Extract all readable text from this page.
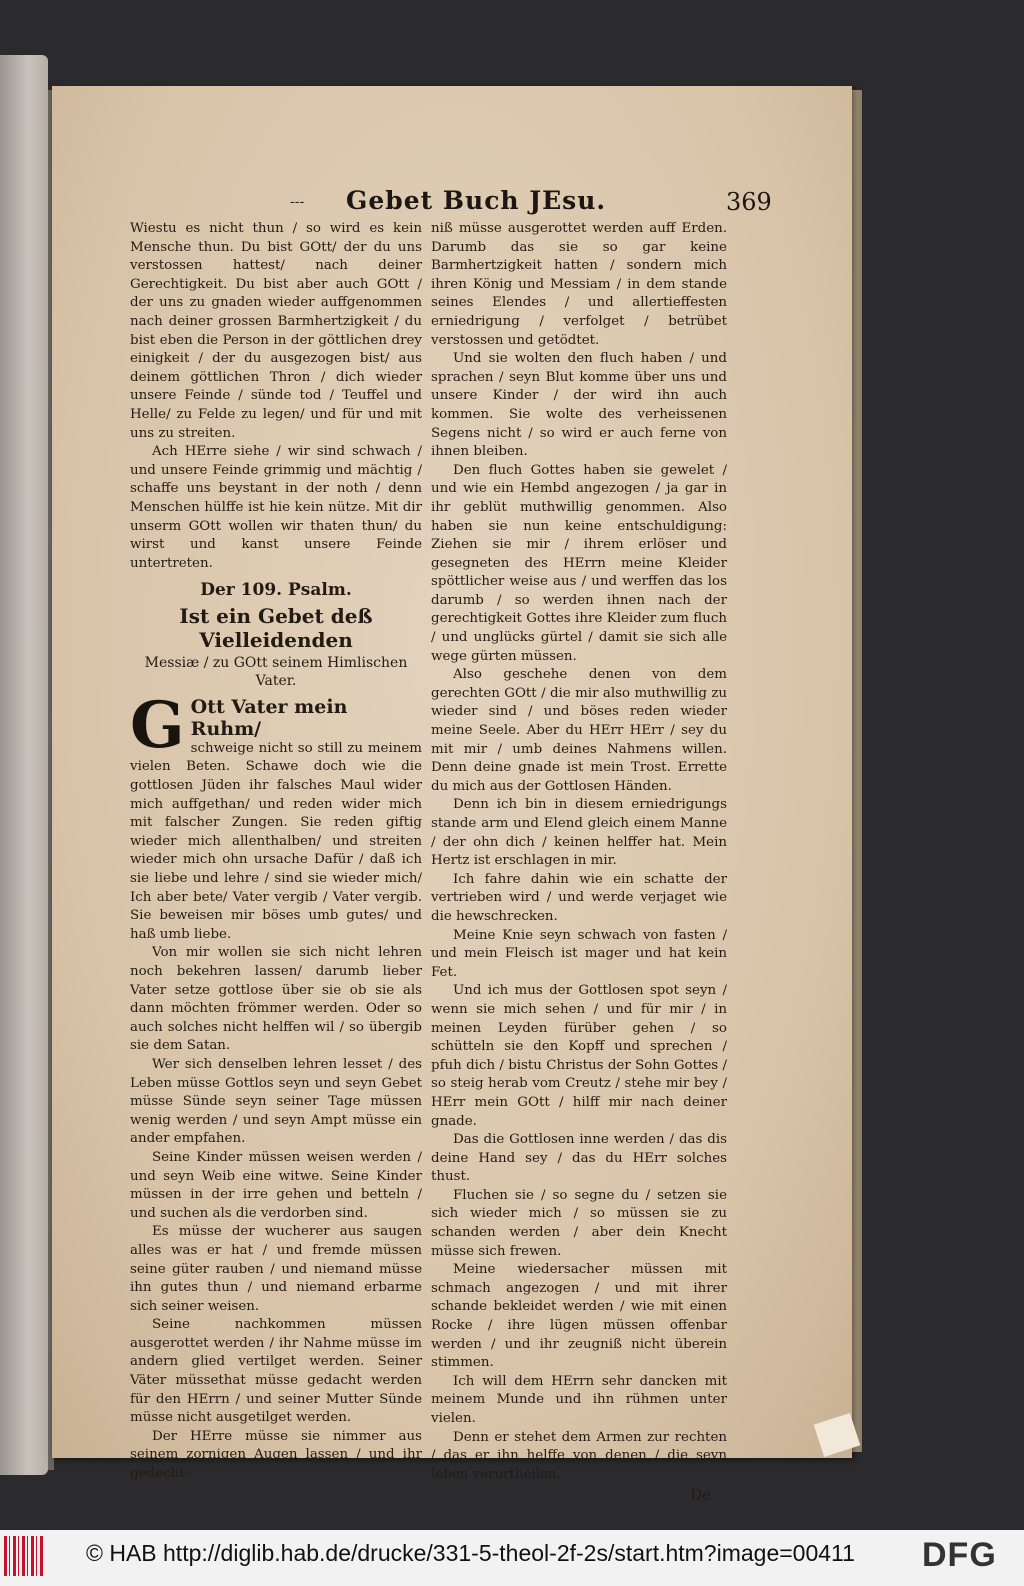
--- Gebet Buch JEsu.	369

Wiestu es nicht thun / so wird es kein Mensche thun. Du bist GOtt/ der du uns verstossen hattest/ nach deiner Gerechtigkeit. Du bist aber auch GOtt / der uns zu gnaden wieder auffgenommen nach deiner grossen Barmhertzigkeit / du bist eben die Person in der göttlichen drey einigkeit / der du ausgezogen bist/ aus deinem göttlichen Thron / dich wieder unsere Feinde / sünde tod / Teuffel und Helle/ zu Felde zu legen/ und für und mit uns zu streiten.

Ach HErre siehe / wir sind schwach / und unsere Feinde grimmig und mächtig / schaffe uns beystant in der noth / denn Menschen hülffe ist hie kein nütze. Mit dir unserm GOtt wollen wir thaten thun/ du wirst und kanst unsere Feinde untertreten.

Der 109. Psalm.
Ist ein Gebet deß Vielleidenden
Messiæ / zu GOtt seinem Himlischen Vater.
G Ott Vater mein Ruhm/

schweige nicht so still zu meinem vielen Beten. Schawe doch wie die gottlosen Jüden ihr falsches Maul wider mich auffgethan/ und reden wider mich mit falscher Zungen. Sie reden giftig wieder mich allenthalben/ und streiten wieder mich ohn ursache Dafür / daß ich sie liebe und lehre / sind sie wieder mich/ Ich aber bete/ Vater vergib / Vater vergib. Sie beweisen mir böses umb gutes/ und haß umb liebe.

Von mir wollen sie sich nicht lehren noch bekehren lassen/ darumb lieber Vater setze gottlose über sie ob sie als dann möchten frömmer werden. Oder so auch solches nicht helffen wil / so übergib sie dem Satan.

Wer sich denselben lehren lesset / des Leben müsse Gottlos seyn und seyn Gebet müsse Sünde seyn seiner Tage müssen wenig werden / und seyn Ampt müsse ein ander empfahen.

Seine Kinder müssen weisen werden / und seyn Weib eine witwe. Seine Kinder müssen in der irre gehen und betteln / und suchen als die verdorben sind.

Es müsse der wucherer aus saugen alles was er hat / und fremde müssen seine güter rauben / und niemand müsse ihn gutes thun / und niemand erbarme sich seiner weisen.

Seine nachkommen müssen ausgerottet werden / ihr Nahme müsse im andern glied vertilget werden. Seiner Väter müssethat müsse gedacht werden für den HErrn / und seiner Mutter Sünde müsse nicht ausgetilget werden.

Der HErre müsse sie nimmer aus seinem zornigen Augen lassen / und ihr gedecht-

niß müsse ausgerottet werden auff Erden. Darumb das sie so gar keine Barmhertzigkeit hatten / sondern mich ihren König und Messiam / in dem stande seines Elendes / und allertieffesten erniedrigung / verfolget / betrübet verstossen und getödtet.

Und sie wolten den fluch haben / und sprachen / seyn Blut komme über uns und unsere Kinder / der wird ihn auch kommen. Sie wolte des verheissenen Segens nicht / so wird er auch ferne von ihnen bleiben.

Den fluch Gottes haben sie gewelet / und wie ein Hembd angezogen / ja gar in ihr geblüt muthwillig genommen. Also haben sie nun keine entschuldigung: Ziehen sie mir / ihrem erlöser und gesegneten des HErrn meine Kleider spöttlicher weise aus / und werffen das los darumb / so werden ihnen nach der gerechtigkeit Gottes ihre Kleider zum fluch / und unglücks gürtel / damit sie sich alle wege gürten müssen.

Also geschehe denen von dem gerechten GOtt / die mir also muthwillig zu wieder sind / und böses reden wieder meine Seele. Aber du HErr HErr / sey du mit mir / umb deines Nahmens willen. Denn deine gnade ist mein Trost. Errette du mich aus der Gottlosen Händen.

Denn ich bin in diesem erniedrigungs stande arm und Elend gleich einem Manne / der ohn dich / keinen helffer hat. Mein Hertz ist erschlagen in mir.

Ich fahre dahin wie ein schatte der vertrieben wird / und werde verjaget wie die hewschrecken.

Meine Knie seyn schwach von fasten / und mein Fleisch ist mager und hat kein Fet.

Und ich mus der Gottlosen spot seyn / wenn sie mich sehen / und für mir / in meinen Leyden fürüber gehen / so schütteln sie den Kopff und sprechen / pfuh dich / bistu Christus der Sohn Gottes / so steig herab vom Creutz / stehe mir bey / HErr mein GOtt / hilff mir nach deiner gnade.

Das die Gottlosen inne werden / das dis deine Hand sey / das du HErr solches thust.

Fluchen sie / so segne du / setzen sie sich wieder mich / so müssen sie zu schanden werden / aber dein Knecht müsse sich frewen.

Meine wiedersacher müssen mit schmach angezogen / und mit ihrer schande bekleidet werden / wie mit einen Rocke / ihre lügen müssen offenbar werden / und ihr zeugniß nicht überein stimmen.

Ich will dem HErrn sehr dancken mit meinem Munde und ihn rühmen unter vielen.

Denn er stehet dem Armen zur rechten / das er ihn helffe von denen / die seyn leben verurtheilen.

De
© HAB http://diglib.hab.de/drucke/331-5-theol-2f-2s/start.htm?image=00411 DFG
